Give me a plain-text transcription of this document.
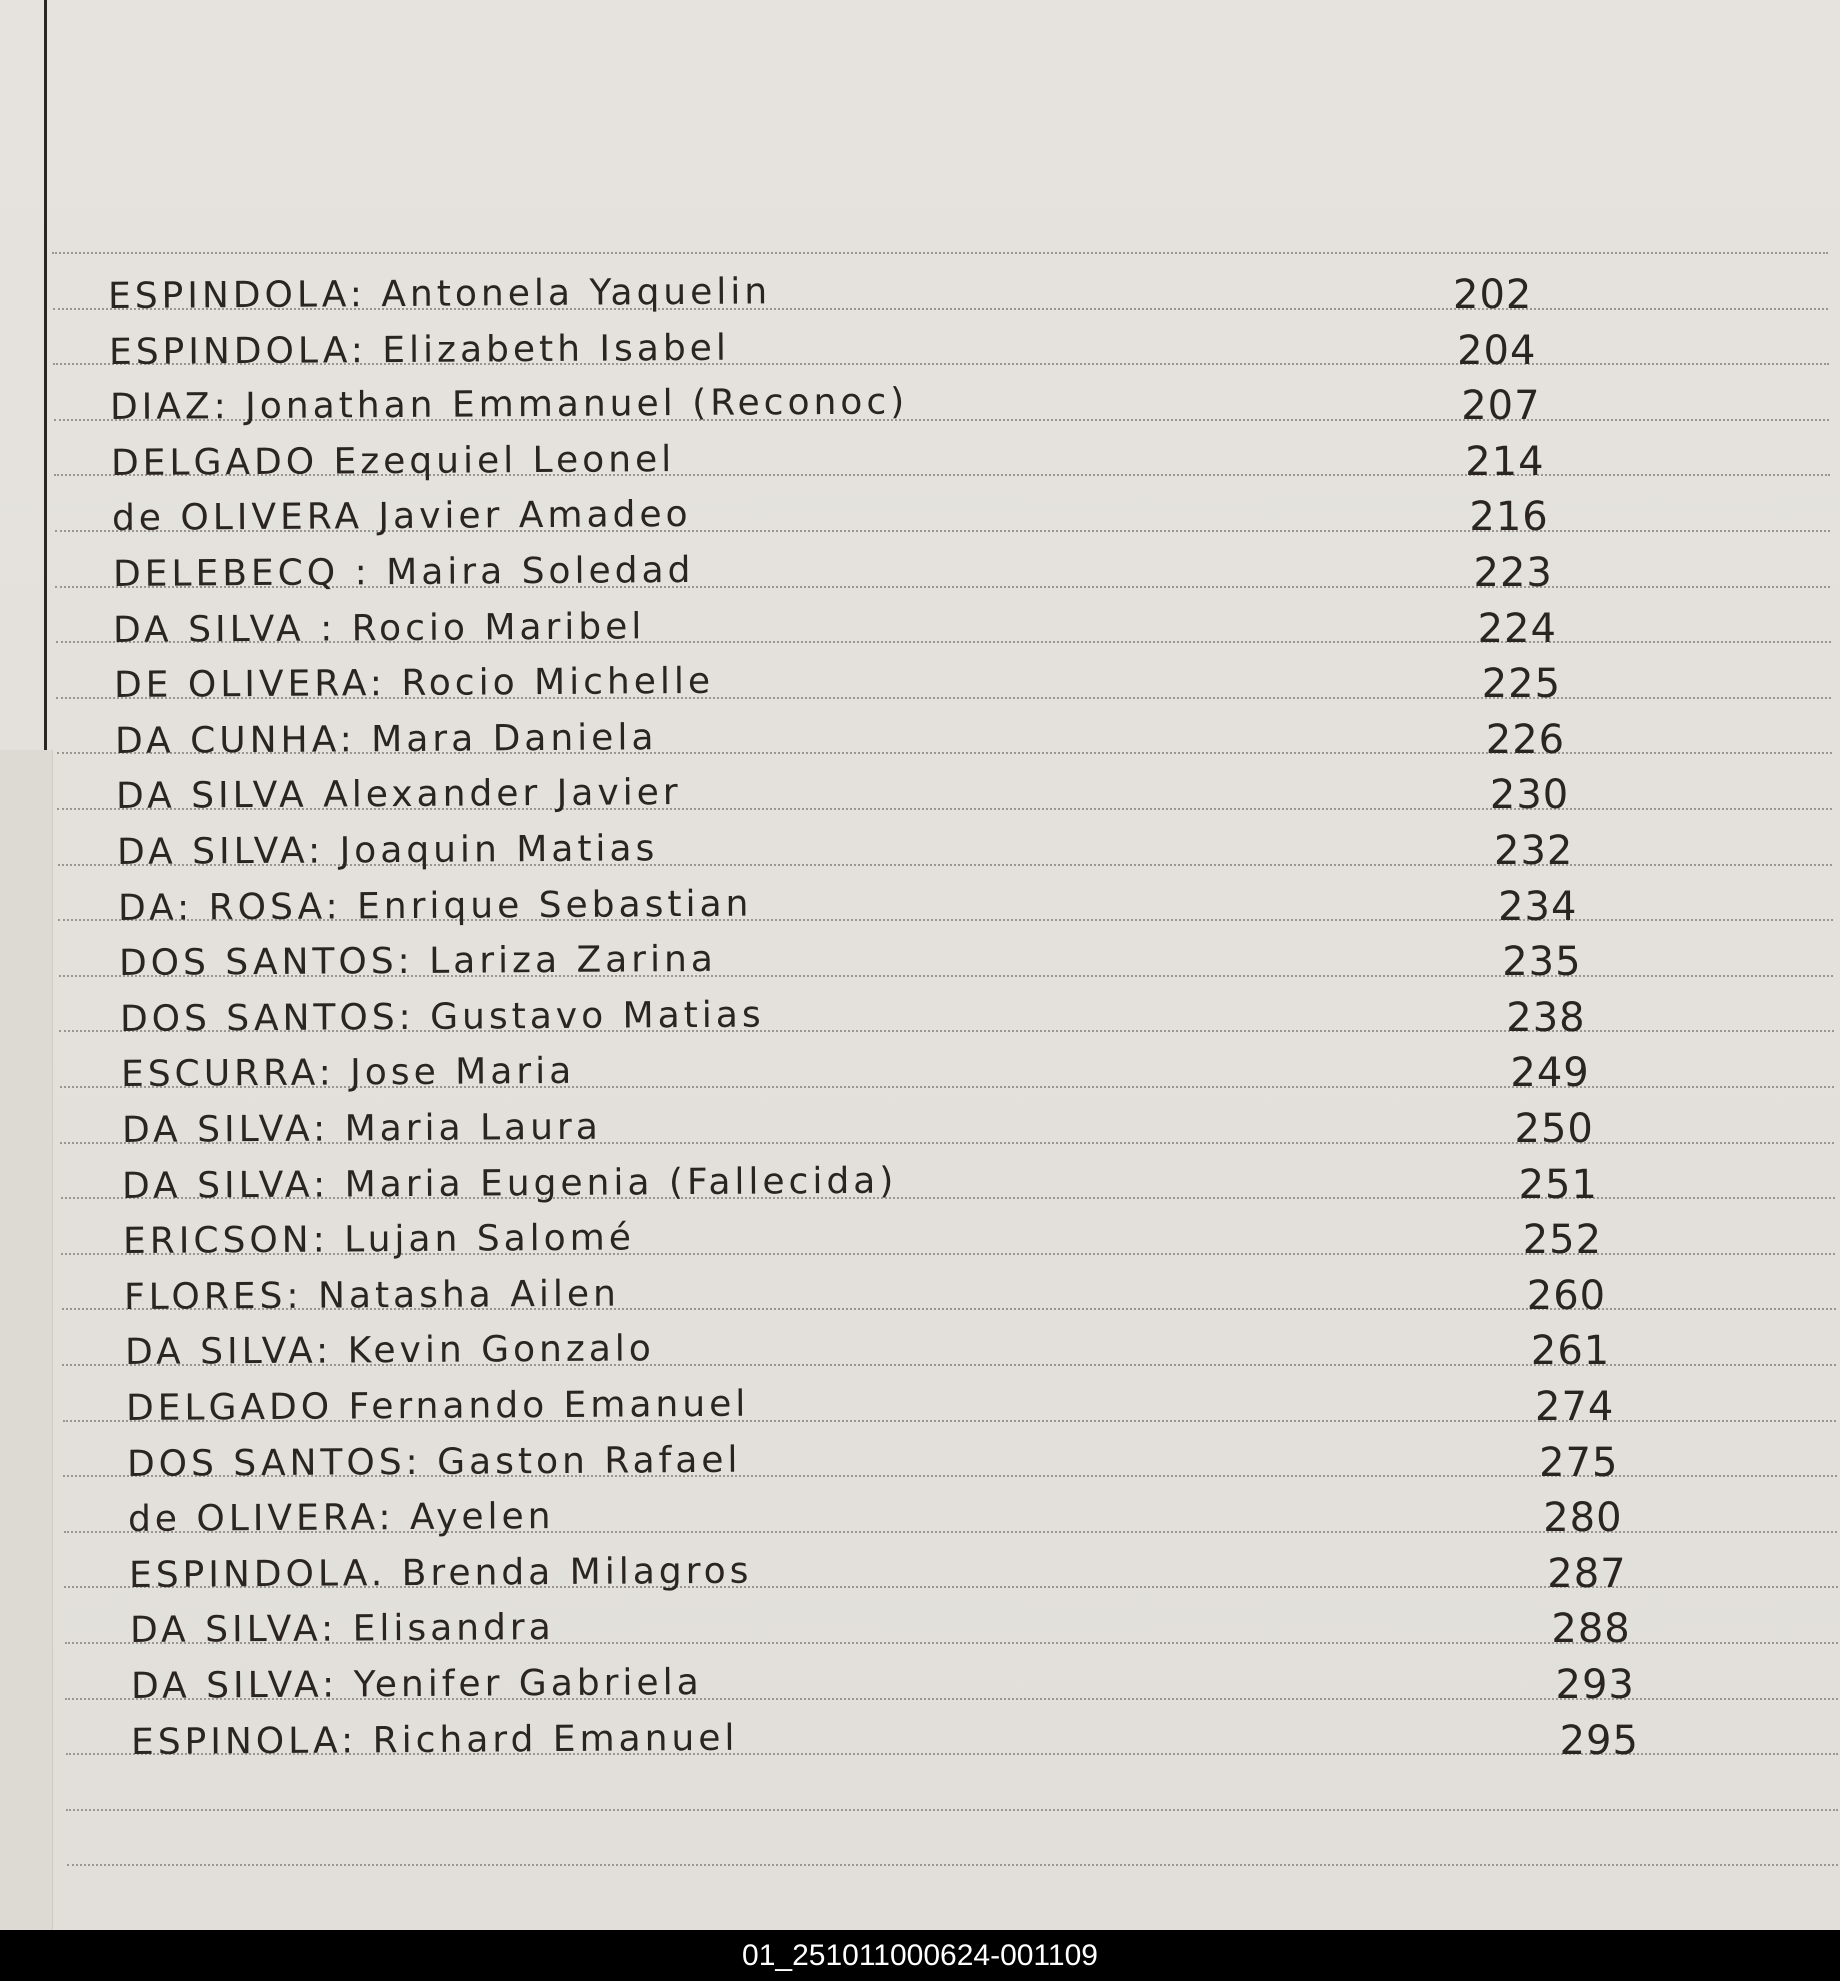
ESPINDOLA: Antonela Yaquelin	202
ESPINDOLA: Elizabeth Isabel	204
DIAZ: Jonathan Emmanuel (Reconoc)	207
DELGADO Ezequiel Leonel	214
de OLIVERA Javier Amadeo	216
DELEBECQ : Maira Soledad	223
DA SILVA : Rocio Maribel	224
DE OLIVERA: Rocio Michelle	225
DA CUNHA: Mara Daniela	226
DA SILVA Alexander Javier	230
DA SILVA: Joaquin Matias	232
DA: ROSA: Enrique Sebastian	234
DOS SANTOS: Lariza Zarina	235
DOS SANTOS: Gustavo Matias	238
ESCURRA: Jose Maria	249
DA SILVA: Maria Laura	250
DA SILVA: Maria Eugenia (Fallecida)	251
ERICSON: Lujan Salomé	252
FLORES: Natasha Ailen	260
DA SILVA: Kevin Gonzalo	261
DELGADO Fernando Emanuel	274
DOS SANTOS: Gaston Rafael	275
de OLIVERA: Ayelen	280
ESPINDOLA. Brenda Milagros	287
DA SILVA: Elisandra	288
DA SILVA: Yenifer Gabriela	293
ESPINOLA: Richard Emanuel	295
01_251011000624-001109
